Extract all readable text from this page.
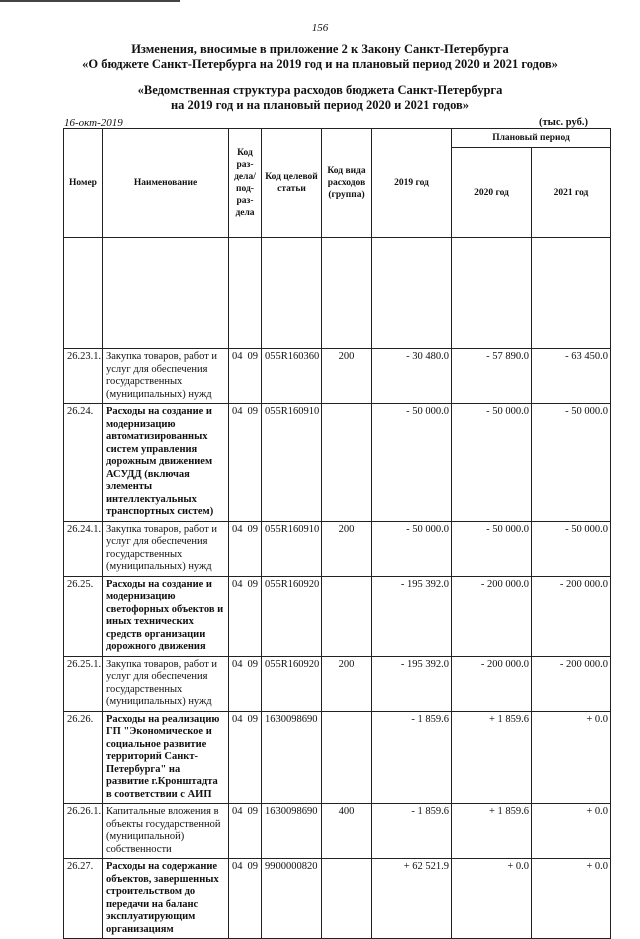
156
Изменения, вносимые в приложение 2 к Закону Санкт-Петербурга
«О бюджете Санкт-Петербурга на 2019 год и на плановый период 2020 и 2021 годов»
«Ведомственная структура расходов бюджета Санкт-Петербурга
на 2019 год и на плановый период 2020 и 2021 годов»
16-окт-2019	(тыс. руб.)
Номер	Наименование	Код раз-дела/ под-раз-дела	Код целевой статьи	Код вида расходов (группа)	2019 год	Плановый период	
						2020 год	2021 год

26.23.1.	Закупка товаров, работ и услуг для обеспечения государственных (муниципальных) нужд	04 09	055R160360	200	- 30 480.0	- 57 890.0	- 63 450.0
26.24.	Расходы на создание и модернизацию автоматизированных систем управления дорожным движением АСУДД (включая элементы интеллектуальных транспортных систем)	04 09	055R160910		- 50 000.0	- 50 000.0	- 50 000.0
26.24.1.	Закупка товаров, работ и услуг для обеспечения государственных (муниципальных) нужд	04 09	055R160910	200	- 50 000.0	- 50 000.0	- 50 000.0
26.25.	Расходы на создание и модернизацию светофорных объектов и иных технических средств организации дорожного движения	04 09	055R160920		- 195 392.0	- 200 000.0	- 200 000.0
26.25.1.	Закупка товаров, работ и услуг для обеспечения государственных (муниципальных) нужд	04 09	055R160920	200	- 195 392.0	- 200 000.0	- 200 000.0
26.26.	Расходы на реализацию ГП "Экономическое и социальное развитие территорий Санкт-Петербурга" на развитие г.Кронштадта в соответствии с АИП	04 09	1630098690		- 1 859.6	+ 1 859.6	+ 0.0
26.26.1.	Капитальные вложения в объекты государственной (муниципальной) собственности	04 09	1630098690	400	- 1 859.6	+ 1 859.6	+ 0.0
26.27.	Расходы на содержание объектов, завершенных строительством до передачи на баланс эксплуатирующим организациям	04 09	9900000820		+ 62 521.9	+ 0.0	+ 0.0
